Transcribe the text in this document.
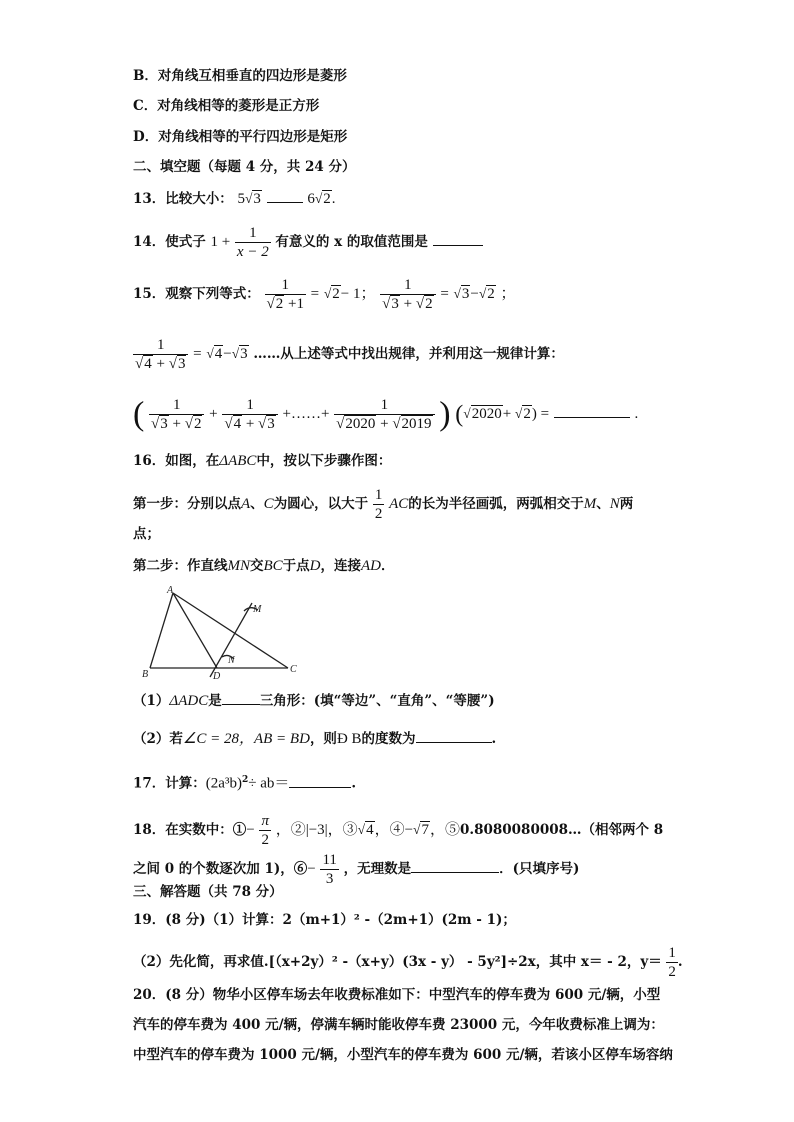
B．对角线互相垂直的四边形是菱形
C．对角线相等的菱形是正方形
D．对角线相等的平行四边形是矩形
二、填空题（每题 4 分，共 24 分）
13．比较大小： 5√3	6√2.
14．使式子 $1 + \frac{1}{x - 2}$ 有意义的 x 的取值范围是
15．观察下列等式： $\frac{1}{√2 +1} = √2- 1$； $\frac{1}{√3 + √2} = √3-√2$ ；
$\frac{1}{√4 + √3} = √4-√3$ ……从上述等式中找出规律，并利用这一规律计算：
( $\frac{1}{√3 + √2} + \frac{1}{√4 + √3}$ +……+ $\frac{1}{√2020 + √2019}$ ) (√2020+ √2) =	.
16．如图，在ΔABC中，按以下步骤作图：
第一步：分别以点A、C为圆心，以大于 $\frac{1}{2}$ AC的长为半径画弧，两弧相交于M、N两
点；
第二步：作直线MN交BC于点D，连接AD．
A
B	C
D
M
N
（1）ΔADC是	三角形：(填“等边”、“直角”、“等腰”)
（2）若∠C = 28，AB = BD，则Ð B的度数为	.
17．计算：$(2a^3b)^2\div ab=$	.
18．在实数中：①− $\frac{\pi}{2}$ ，②|−3|，③√4，④−√7，⑤0.8080080008…（相邻两个 8
之间 0 的个数逐次加 1)，⑥− $\frac{11}{3}$ ，无理数是	．(只填序号)
三、解答题（共 78 分）
19．(8 分)（1）计算：2（m+1）² -（2m+1）(2m - 1)；
（2）先化简，再求值.[（x+2y）² -（x+y）(3x - y） - 5y²]÷2x，其中 x＝ - 2，$y= \frac{1}{2}$ .
20．(8 分）物华小区停车场去年收费标准如下：中型汽车的停车费为 600 元/辆，小型
汽车的停车费为 400 元/辆，停满车辆时能收停车费 23000 元，今年收费标准上调为：
中型汽车的停车费为 1000 元/辆，小型汽车的停车费为 600 元/辆，若该小区停车场容纳
